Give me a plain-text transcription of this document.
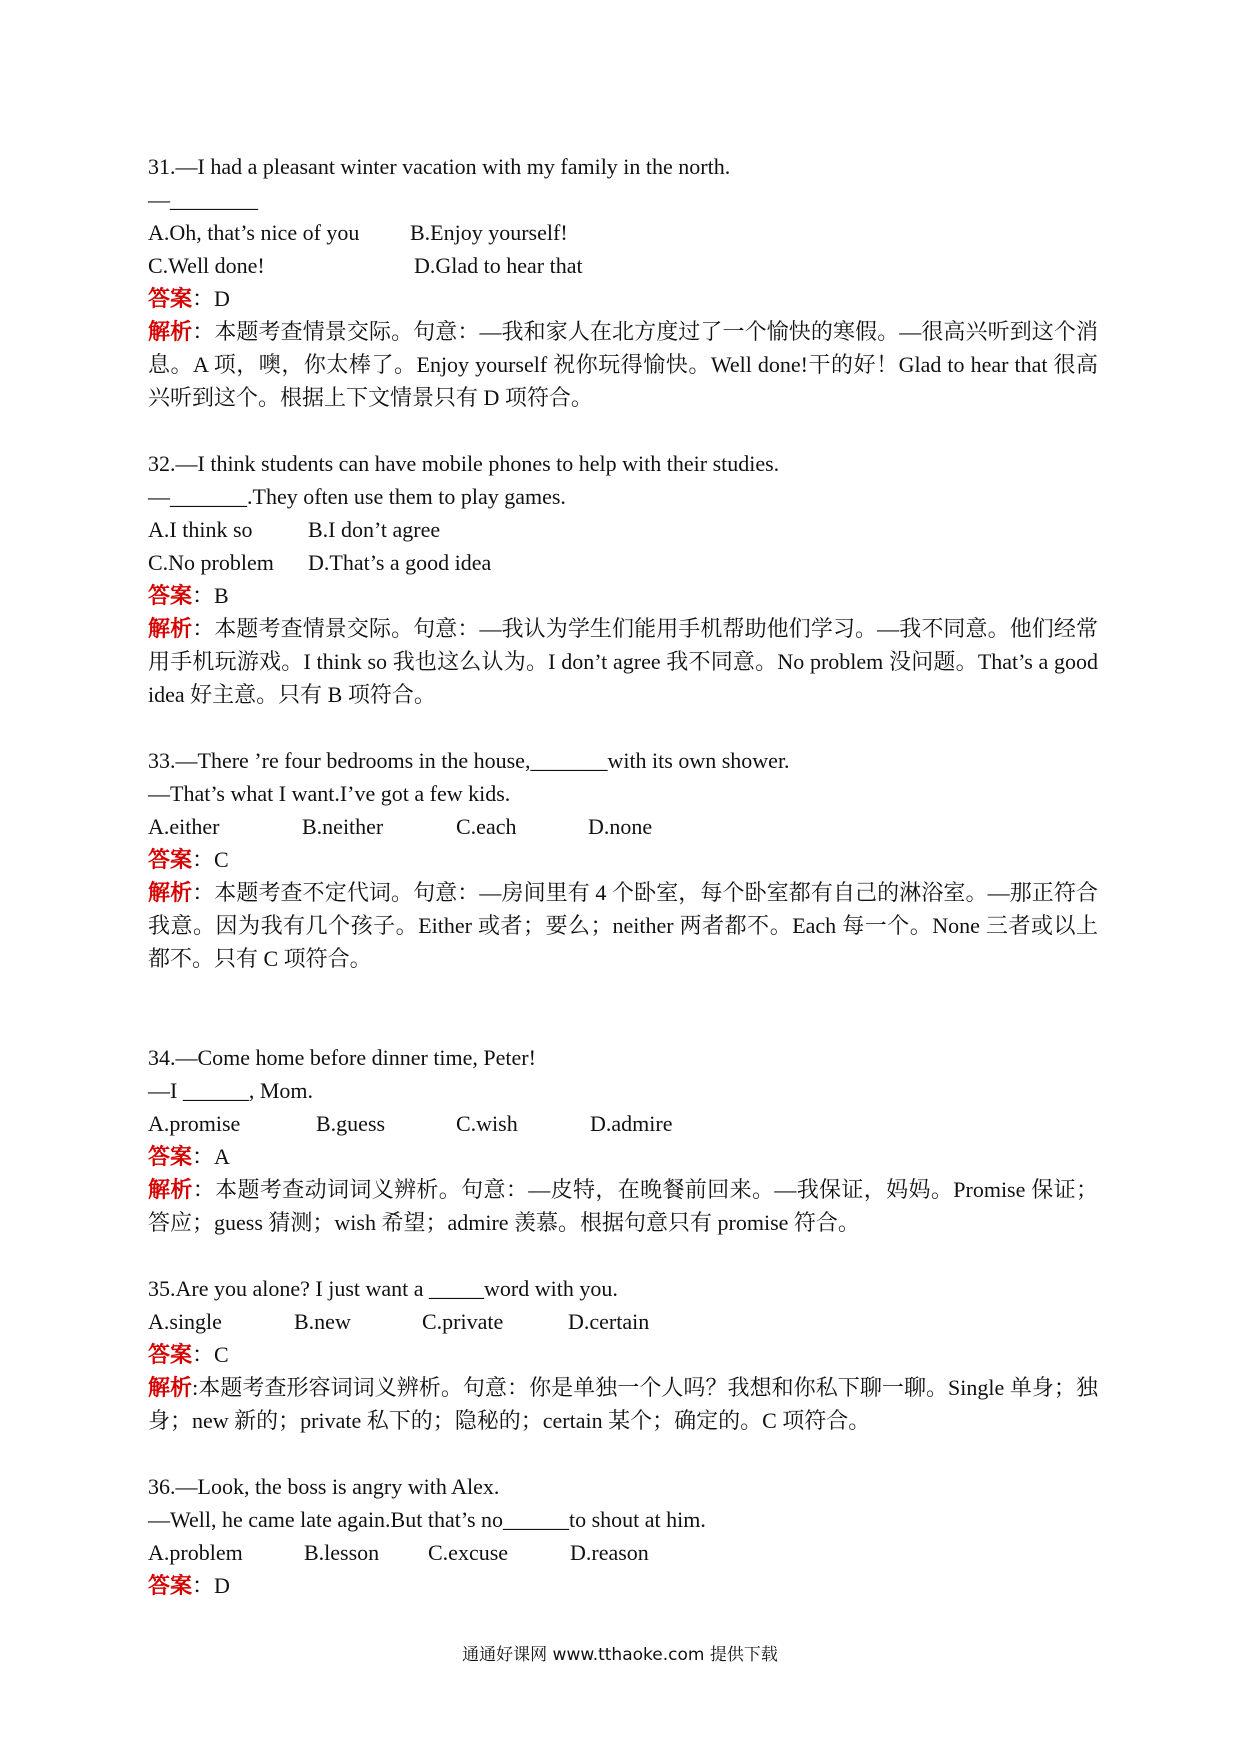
31.—I had a pleasant winter vacation with my family in the north.
—________
A.Oh, that’s nice of you	B.Enjoy yourself!
C.Well done!	D.Glad to hear that
答案：D
解析：本题考查情景交际。句意：—我和家人在北方度过了一个愉快的寒假。—很高兴听到这个消息。A 项，噢，你太棒了。Enjoy yourself 祝你玩得愉快。Well done!干的好！Glad to hear that 很高兴听到这个。根据上下文情景只有 D 项符合。
32.—I think students can have mobile phones to help with their studies.
—_______.They often use them to play games.
A.I think so	B.I don’t agree
C.No problem	D.That’s a good idea
答案：B
解析：本题考查情景交际。句意：—我认为学生们能用手机帮助他们学习。—我不同意。他们经常用手机玩游戏。I think so 我也这么认为。I don’t agree 我不同意。No problem 没问题。That’s a good idea 好主意。只有 B 项符合。
33.—There ’re four bedrooms in the house,_______with its own shower.
—That’s what I want.I’ve got a few kids.
A.either	B.neither	C.each	D.none
答案：C
解析：本题考查不定代词。句意：—房间里有 4 个卧室，每个卧室都有自己的淋浴室。—那正符合我意。因为我有几个孩子。Either 或者；要么；neither 两者都不。Each 每一个。None 三者或以上都不。只有 C 项符合。
34.—Come home before dinner time, Peter!
—I ______, Mom.
A.promise	B.guess	C.wish	D.admire
答案：A
解析：本题考查动词词义辨析。句意：—皮特，在晚餐前回来。—我保证，妈妈。Promise 保证；答应；guess 猜测；wish 希望；admire 羡慕。根据句意只有 promise 符合。
35.Are you alone? I just want a _____word with you.
A.single	B.new	C.private	D.certain
答案：C
解析:本题考查形容词词义辨析。句意：你是单独一个人吗？我想和你私下聊一聊。Single 单身；独身；new 新的；private 私下的；隐秘的；certain 某个；确定的。C 项符合。
36.—Look, the boss is angry with Alex.
—Well, he came late again.But that’s no______to shout at him.
A.problem	B.lesson	C.excuse	D.reason
答案：D
通通好课网 www.tthaoke.com 提供下载
